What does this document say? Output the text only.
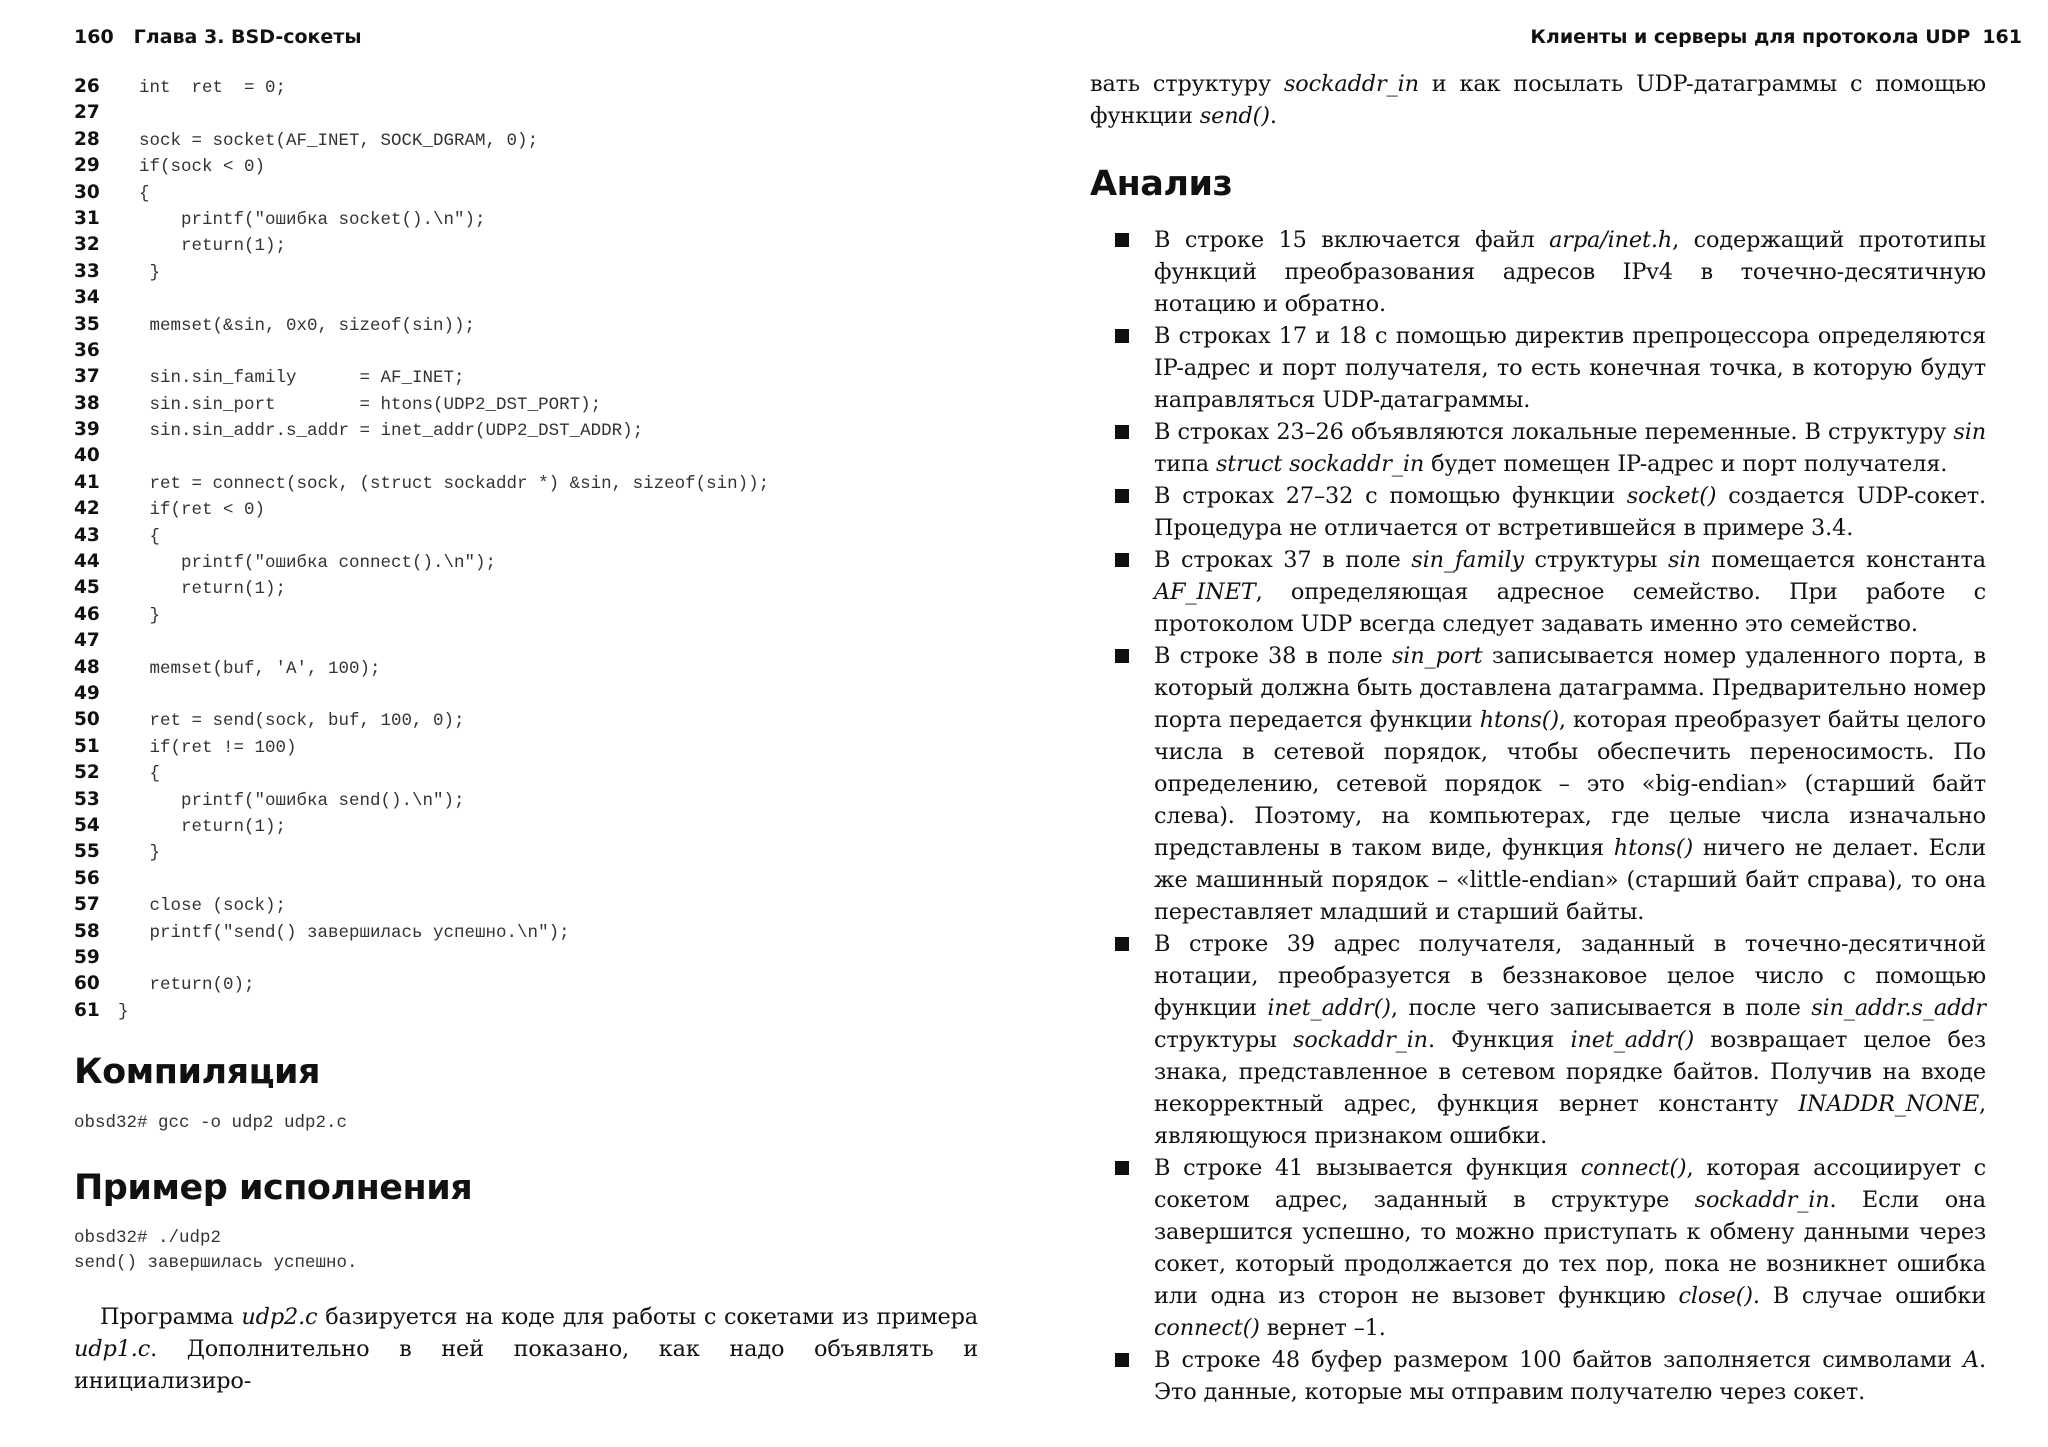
160 Глава 3. BSD-сокеты
26 int  ret  = 0;
27
28 sock = socket(AF_INET, SOCK_DGRAM, 0);
29 if(sock < 0)
30 {
31	printf("ошибка socket().\n");
32	return(1);
33	}
34
35	memset(&sin, 0x0, sizeof(sin));
36
37	sin.sin_family      = AF_INET;
38	sin.sin_port        = htons(UDP2_DST_PORT);
39	sin.sin_addr.s_addr = inet_addr(UDP2_DST_ADDR);
40
41	ret = connect(sock, (struct sockaddr *) &sin, sizeof(sin));
42	if(ret < 0)
43	{
44	printf("ошибка connect().\n");
45	return(1);
46	}
47
48	memset(buf, 'A', 100);
49
50	ret = send(sock, buf, 100, 0);
51	if(ret != 100)
52	{
53	printf("ошибка send().\n");
54	return(1);
55	}
56
57	close (sock);
58	printf("send() завершилась успешно.\n");
59
60	return(0);
61 }
Компиляция
obsd32# gcc -o udp2 udp2.c
Пример исполнения
obsd32# ./udp2
send() завершилась успешно.

Программа udp2.c базируется на коде для работы с сокетами из примера udp1.c. Дополнительно в ней показано, как надо объявлять и инициализиро-

Клиенты и серверы для протокола UDP 161

вать структуру sockaddr_in и как посылать UDP-датаграммы с помощью функции send().

Анализ
В строке 15 включается файл arpa/inet.h, содержащий прототипы функций преобразования адресов IPv4 в точечно-десятичную нотацию и обратно.
В строках 17 и 18 с помощью директив препроцессора определяются IP-адрес и порт получателя, то есть конечная точка, в которую будут направляться UDP-датаграммы.
В строках 23–26 объявляются локальные переменные. В структуру sin типа struct sockaddr_in будет помещен IP-адрес и порт получателя.
В строках 27–32 с помощью функции socket() создается UDP-сокет. Процедура не отличается от встретившейся в примере 3.4.
В строках 37 в поле sin_family структуры sin помещается константа AF_INET, определяющая адресное семейство. При работе с протоколом UDP всегда следует задавать именно это семейство.
В строке 38 в поле sin_port записывается номер удаленного порта, в который должна быть доставлена датаграмма. Предварительно номер порта передается функции htons(), которая преобразует байты целого числа в сетевой порядок, чтобы обеспечить переносимость. По определению, сетевой порядок – это «big-endian» (старший байт слева). Поэтому, на компьютерах, где целые числа изначально представлены в таком виде, функция htons() ничего не делает. Если же машинный порядок – «little-endian» (старший байт справа), то она переставляет младший и старший байты.
В строке 39 адрес получателя, заданный в точечно-десятичной нотации, преобразуется в беззнаковое целое число с помощью функции inet_addr(), после чего записывается в поле sin_addr.s_addr структуры sockaddr_in. Функция inet_addr() возвращает целое без знака, представленное в сетевом порядке байтов. Получив на входе некорректный адрес, функция вернет константу INADDR_NONE, являющуюся признаком ошибки.
В строке 41 вызывается функция connect(), которая ассоциирует с сокетом адрес, заданный в структуре sockaddr_in. Если она завершится успешно, то можно приступать к обмену данными через сокет, который продолжается до тех пор, пока не возникнет ошибка или одна из сторон не вызовет функцию close(). В случае ошибки connect() вернет –1.
В строке 48 буфер размером 100 байтов заполняется символами A. Это данные, которые мы отправим получателю через сокет.
